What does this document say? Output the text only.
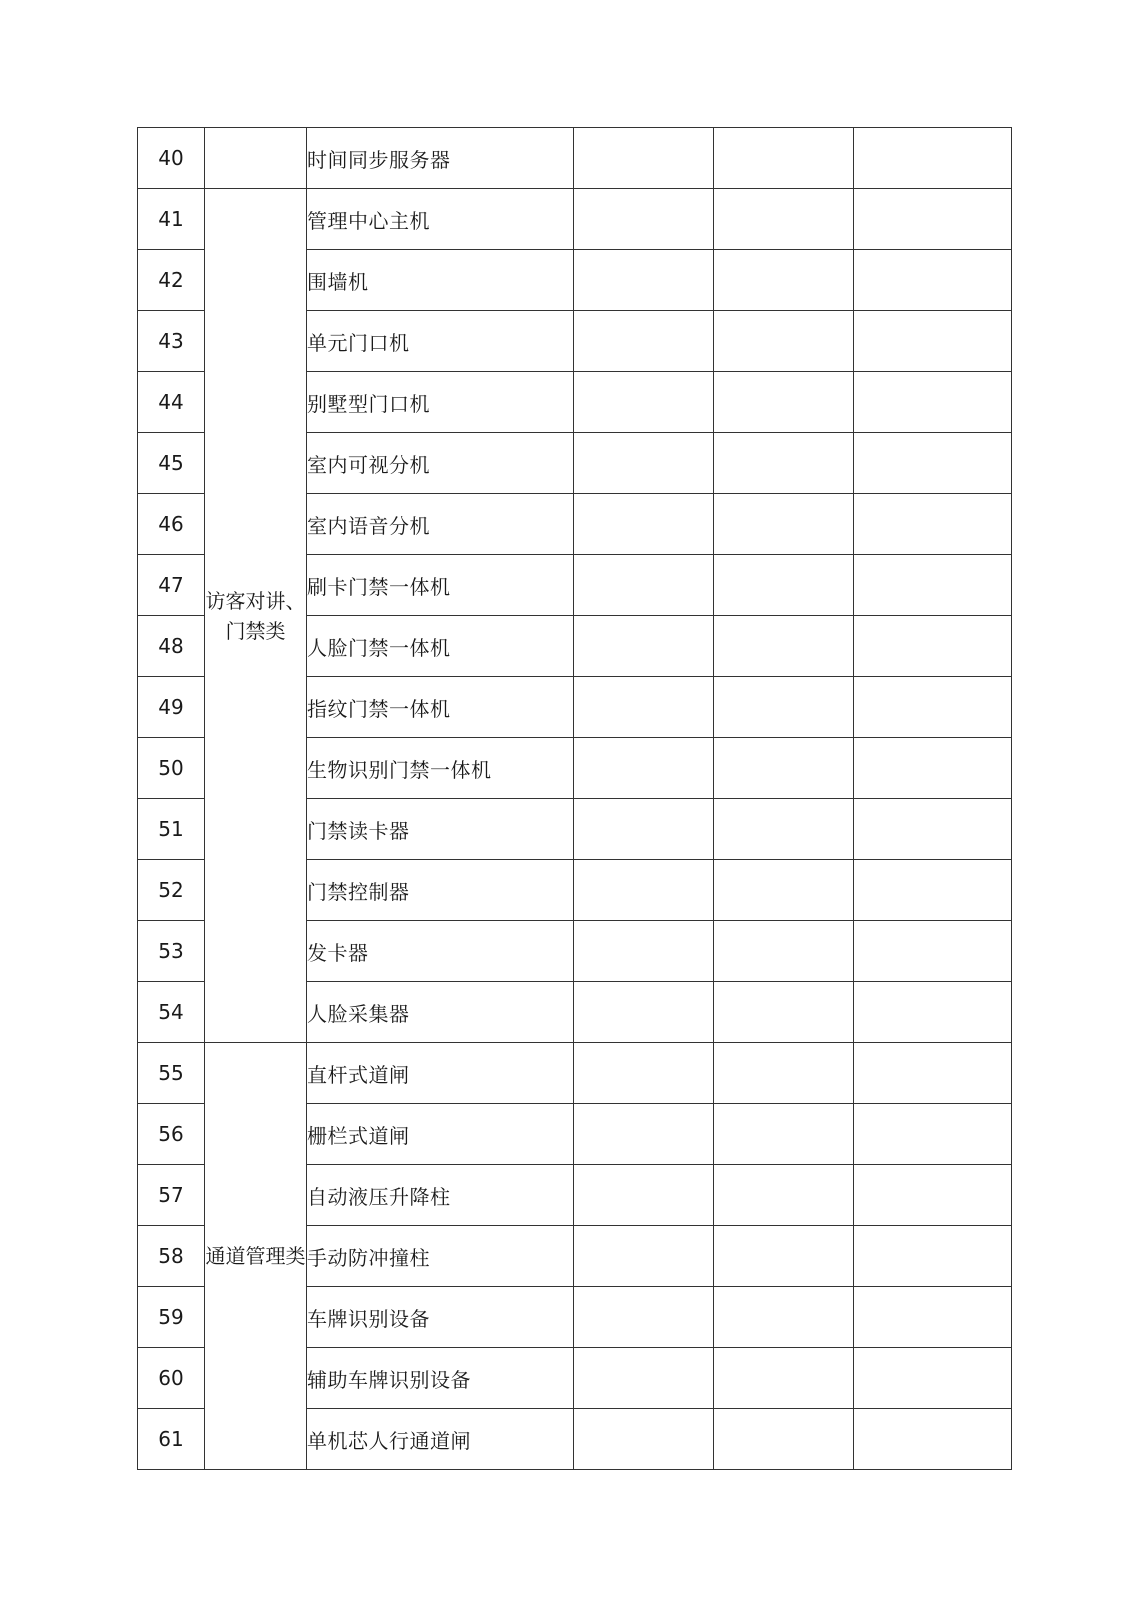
40		时间同步服务器			
41	访客对讲、门禁类	管理中心主机			
42		围墙机			
43		单元门口机			
44		别墅型门口机			
45		室内可视分机			
46		室内语音分机			
47		刷卡门禁一体机			
48		人脸门禁一体机			
49		指纹门禁一体机			
50		生物识别门禁一体机			
51		门禁读卡器			
52		门禁控制器			
53		发卡器			
54		人脸采集器			
55	通道管理类	直杆式道闸			
56		栅栏式道闸			
57		自动液压升降柱			
58		手动防冲撞柱			
59		车牌识别设备			
60		辅助车牌识别设备			
61		单机芯人行通道闸			
